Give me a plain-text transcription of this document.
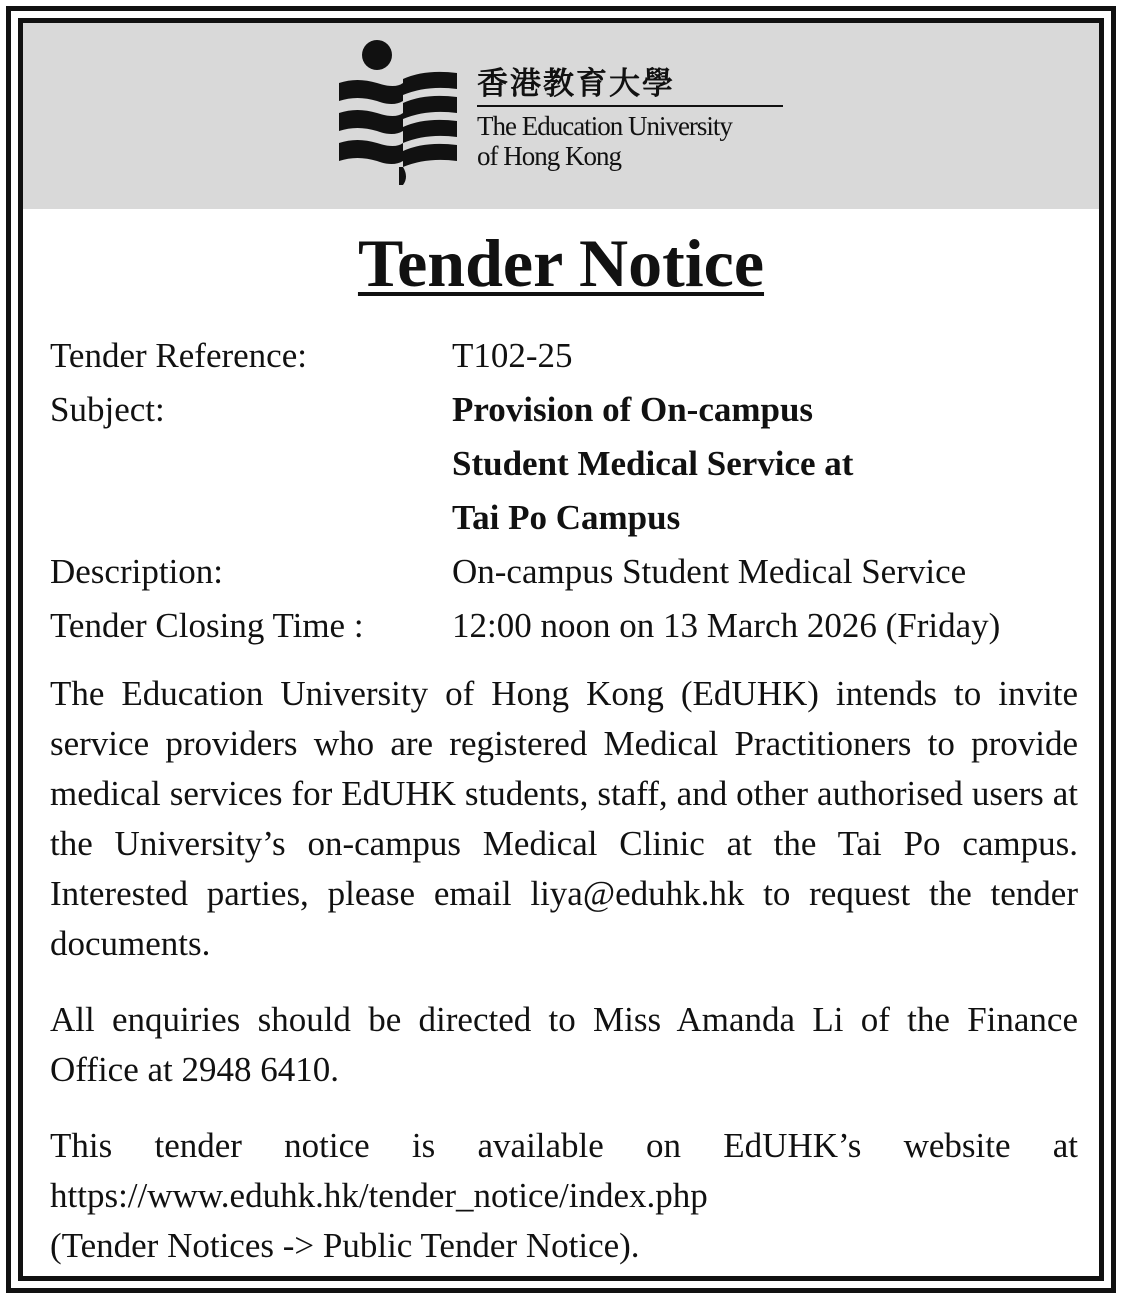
香港教育大學
The Education University
of Hong Kong
Tender Notice
Tender Reference:	T102-25
Subject:	Provision of On-campus
Student Medical Service at
Tai Po Campus
Description:	On-campus Student Medical Service
Tender Closing Time :	12:00 noon on 13 March 2026 (Friday)

The Education University of Hong Kong (EdUHK) intends to invite service providers who are registered Medical Practitioners to provide medical services for EdUHK students, staff, and other authorised users at the University’s on-campus Medical Clinic at the Tai Po campus. Interested parties, please email liya@eduhk.hk to request the tender documents.

All enquiries should be directed to Miss Amanda Li of the Finance Office at 2948 6410.

This tender notice is available on EdUHK’s website at
https://www.eduhk.hk/tender_notice/index.php
(Tender Notices -> Public Tender Notice).
